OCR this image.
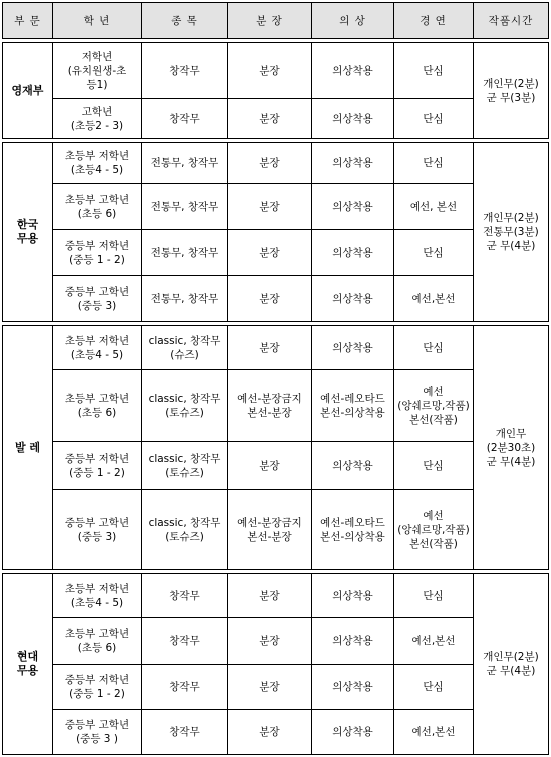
부 문	학 년	종 목	분 장	의 상	경 연	작품시간

영재부	저학년
(유치원생-초
등1)	창작무	분장	의상착용	단심	개인무(2분)
군 무(3분)
	고학년
(초등2 - 3)	창작무	분장	의상착용	단심	

한국
무용	초등부 저학년
(초등4 - 5)	전통무, 창작무	분장	의상착용	단심	개인무(2분)
전통무(3분)
군 무(4분)
	초등부 고학년
(초등 6)	전통무, 창작무	분장	의상착용	예선, 본선	
	중등부 저학년
(중등 1 - 2)	전통무, 창작무	분장	의상착용	단심	
	중등부 고학년
(중등 3)	전통무, 창작무	분장	의상착용	예선,본선	

발 레	초등부 저학년
(초등4 - 5)	classic, 창작무
(슈즈)	분장	의상착용	단심	개인무
(2분30초)
군 무(4분)
	초등부 고학년
(초등 6)	classic, 창작무
(토슈즈)	예선-분장금지
본선-분장	예선-레오타드
본선-의상착용	예선
(앙쉐르망,작품)
본선(작품)	
	중등부 저학년
(중등 1 - 2)	classic, 창작무
(토슈즈)	분장	의상착용	단심	
	중등부 고학년
(중등 3)	classic, 창작무
(토슈즈)	예선-분장금지
본선-분장	예선-레오타드
본선-의상착용	예선
(앙쉐르망,작품)
본선(작품)	

현대
무용	초등부 저학년
(초등4 - 5)	창작무	분장	의상착용	단심	개인무(2분)
군 무(4분)
	초등부 고학년
(초등 6)	창작무	분장	의상착용	예선,본선	
	중등부 저학년
(중등 1 - 2)	창작무	분장	의상착용	단심	
	중등부 고학년
(중등 3 )	창작무	분장	의상착용	예선,본선	
